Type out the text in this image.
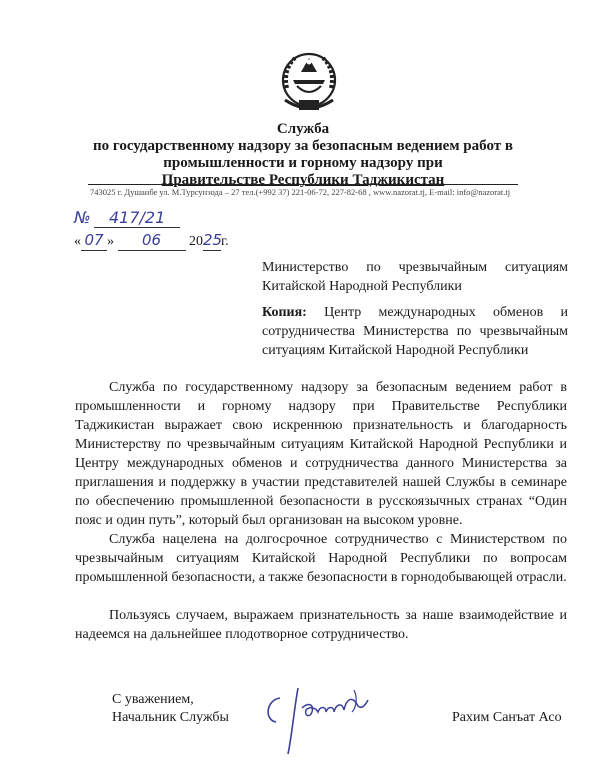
Служба
по государственному надзору за безопасным ведением работ в
промышленности и горному надзору при
Правительстве Республики Таджикистан
743025 г. Душанбе ул. М.Турсунзода – 27 тел.(+992 37) 221-06-72, 227-82-68 , www.nazorat.tj, E-mail: info@nazorat.tj
№ 417/21
« 07 » 06 2025г.
Министерство по чрезвычайным ситуациям Китайской Народной Республики
Копия: Центр международных обменов и сотрудничества Министерства по чрезвычайным ситуациям Китайской Народной Республики
Служба по государственному надзору за безопасным ведением работ в промышленности и горному надзору при Правительстве Республики Таджикистан выражает свою искреннюю признательность и благодарность Министерству по чрезвычайным ситуациям Китайской Народной Республики и Центру международных обменов и сотрудничества данного Министерства за приглашения и поддержку в участии представителей нашей Службы в семинаре по обеспечению промышленной безопасности в русскоязычных странах “Один пояс и один путь”, который был организован на высоком уровне.
Служба нацелена на долгосрочное сотрудничество с Министерством по чрезвычайным ситуациям Китайской Народной Республики по вопросам промышленной безопасности, а также безопасности в горнодобывающей отрасли.
Пользуясь случаем, выражаем признательность за наше взаимодействие и надеемся на дальнейшее плодотворное сотрудничество.
С уважением,
Начальник Службы	Рахим Санъат Асо
